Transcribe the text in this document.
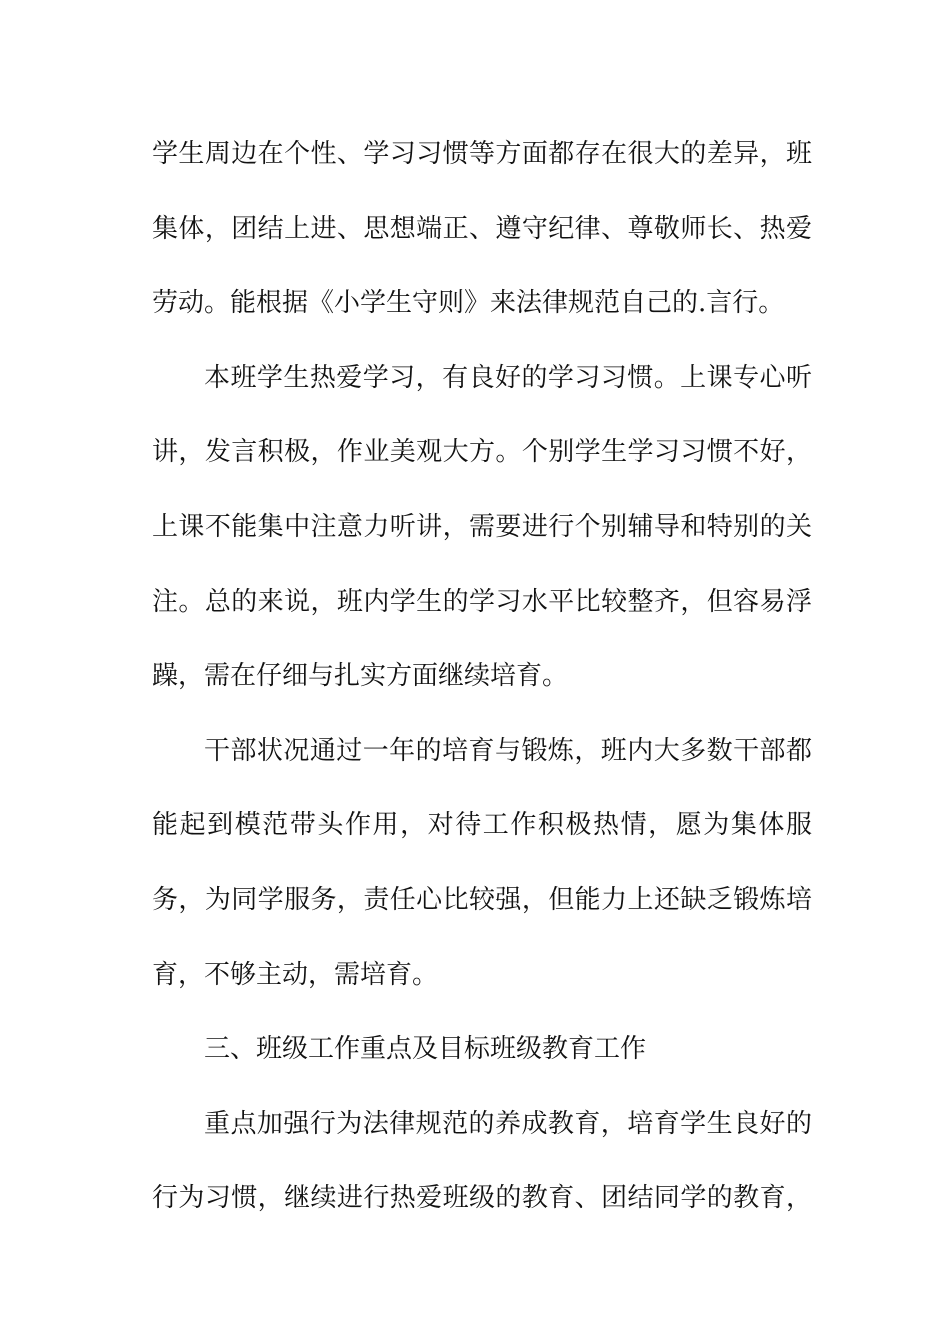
学生周边在个性、学习习惯等方面都存在很大的差异，班
集体，团结上进、思想端正、遵守纪律、尊敬师长、热爱
劳动。能根据《小学生守则》来法律规范自己的.言行。
本班学生热爱学习，有良好的学习习惯。上课专心听
讲，发言积极，作业美观大方。个别学生学习习惯不好，
上课不能集中注意力听讲，需要进行个别辅导和特别的关
注。总的来说，班内学生的学习水平比较整齐，但容易浮
躁，需在仔细与扎实方面继续培育。
干部状况通过一年的培育与锻炼，班内大多数干部都
能起到模范带头作用，对待工作积极热情，愿为集体服
务，为同学服务，责任心比较强，但能力上还缺乏锻炼培
育，不够主动，需培育。
三、班级工作重点及目标班级教育工作
重点加强行为法律规范的养成教育，培育学生良好的
行为习惯，继续进行热爱班级的教育、团结同学的教育，
